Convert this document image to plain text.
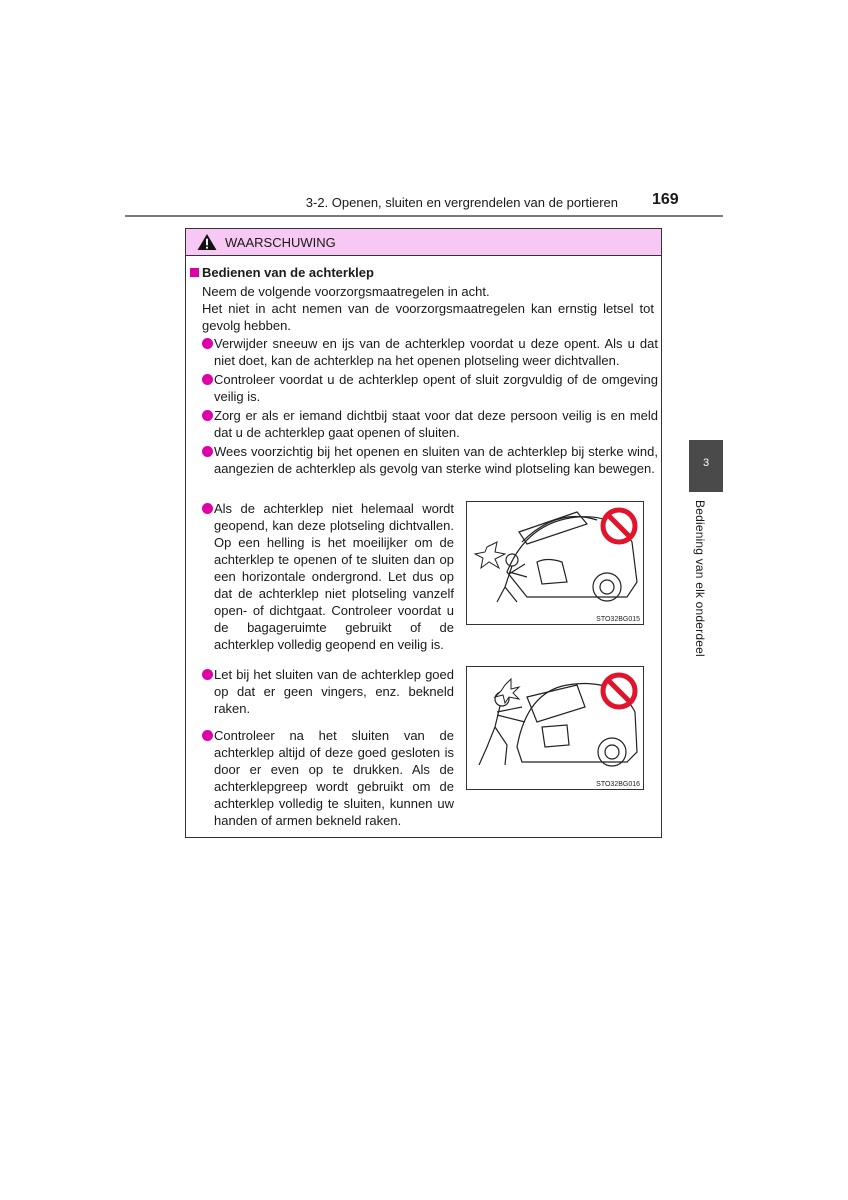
3-2. Openen, sluiten en vergrendelen van de portieren 169
3
Bediening van elk onderdeel
WAARSCHUWING
Bedienen van de achterklep

Neem de volgende voorzorgsmaatregelen in acht.

Het niet in acht nemen van de voorzorgsmaatregelen kan ernstig letsel tot gevolg hebben.

Verwijder sneeuw en ijs van de achterklep voordat u deze opent. Als u dat niet doet, kan de achterklep na het openen plotseling weer dichtvallen.
Controleer voordat u de achterklep opent of sluit zorgvuldig of de omgeving veilig is.
Zorg er als er iemand dichtbij staat voor dat deze persoon veilig is en meld dat u de achterklep gaat openen of sluiten.
Wees voorzichtig bij het openen en sluiten van de achterklep bij sterke wind, aangezien de achterklep als gevolg van sterke wind plotseling kan bewegen.
Als de achterklep niet helemaal wordt geopend, kan deze plotseling dichtvallen. Op een helling is het moeilijker om de achterklep te openen of te sluiten dan op een horizontale ondergrond. Let dus op dat de achterklep niet plotseling vanzelf open- of dichtgaat. Controleer voordat u de bagageruimte gebruikt of de achterklep volledig geopend en veilig is.
STO32BG015
Let bij het sluiten van de achterklep goed op dat er geen vingers, enz. bekneld raken.
Controleer na het sluiten van de achterklep altijd of deze goed gesloten is door er even op te drukken. Als de achterklepgreep wordt gebruikt om de achterklep volledig te sluiten, kunnen uw handen of armen bekneld raken.
STO32BG016
